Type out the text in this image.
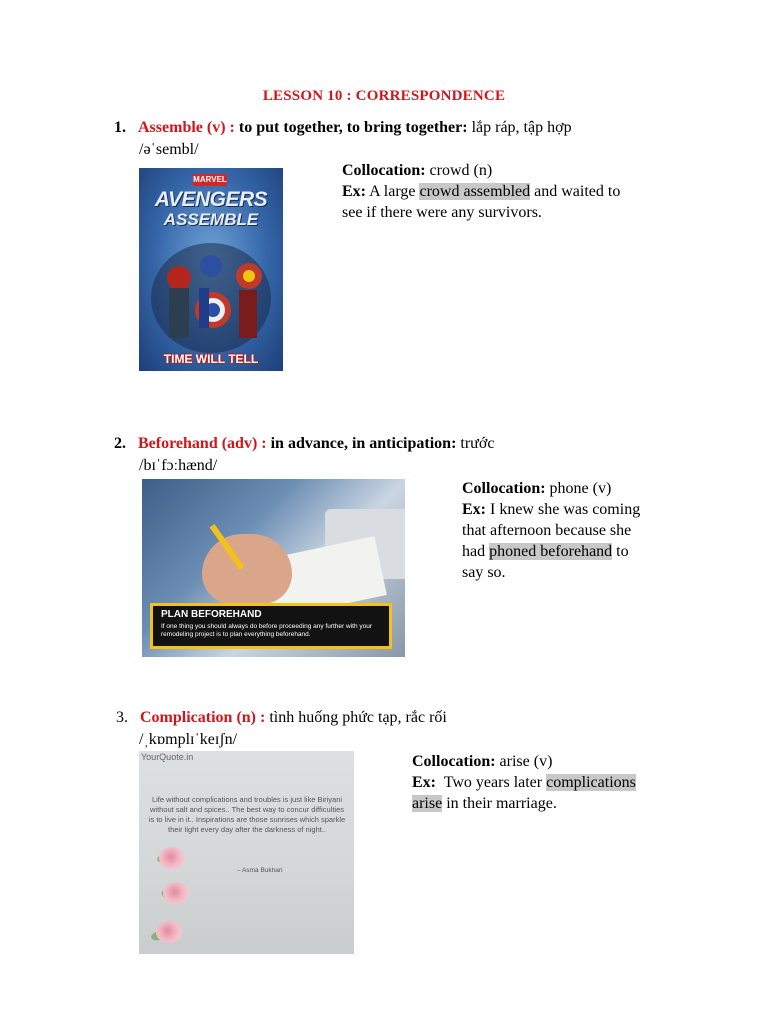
LESSON 10 : CORRESPONDENCE
1. Assemble (v) : to put together, to bring together: lắp ráp, tập hợp
/əˈsembl/
MARVEL
AVENGERS
ASSEMBLE
TIME WILL TELL
Collocation: crowd (n)
Ex: A large crowd assembled and waited to
see if there were any survivors.
2. Beforehand (adv) : in advance, in anticipation: trước
/bɪˈfɔːhænd/
PLAN BEFOREHAND
If one thing you should always do before proceeding any further with your remodeling project is to plan everything beforehand.
Collocation: phone (v)
Ex: I knew she was coming
that afternoon because she
had phoned beforehand to
say so.
3. Complication (n) : tình huống phức tạp, rắc rối
/ˌkɒmplɪˈkeɪʃn/
YourQuote.in
Life without complications and troubles is just like Biriyani without salt and spices.. The best way to concur difficulties is to live in it.. Inspirations are those sunrises which sparkle their light every day after the darkness of night..
– Asma Bukhari
Collocation: arise (v)
Ex: Two years later complications
arise in their marriage.
